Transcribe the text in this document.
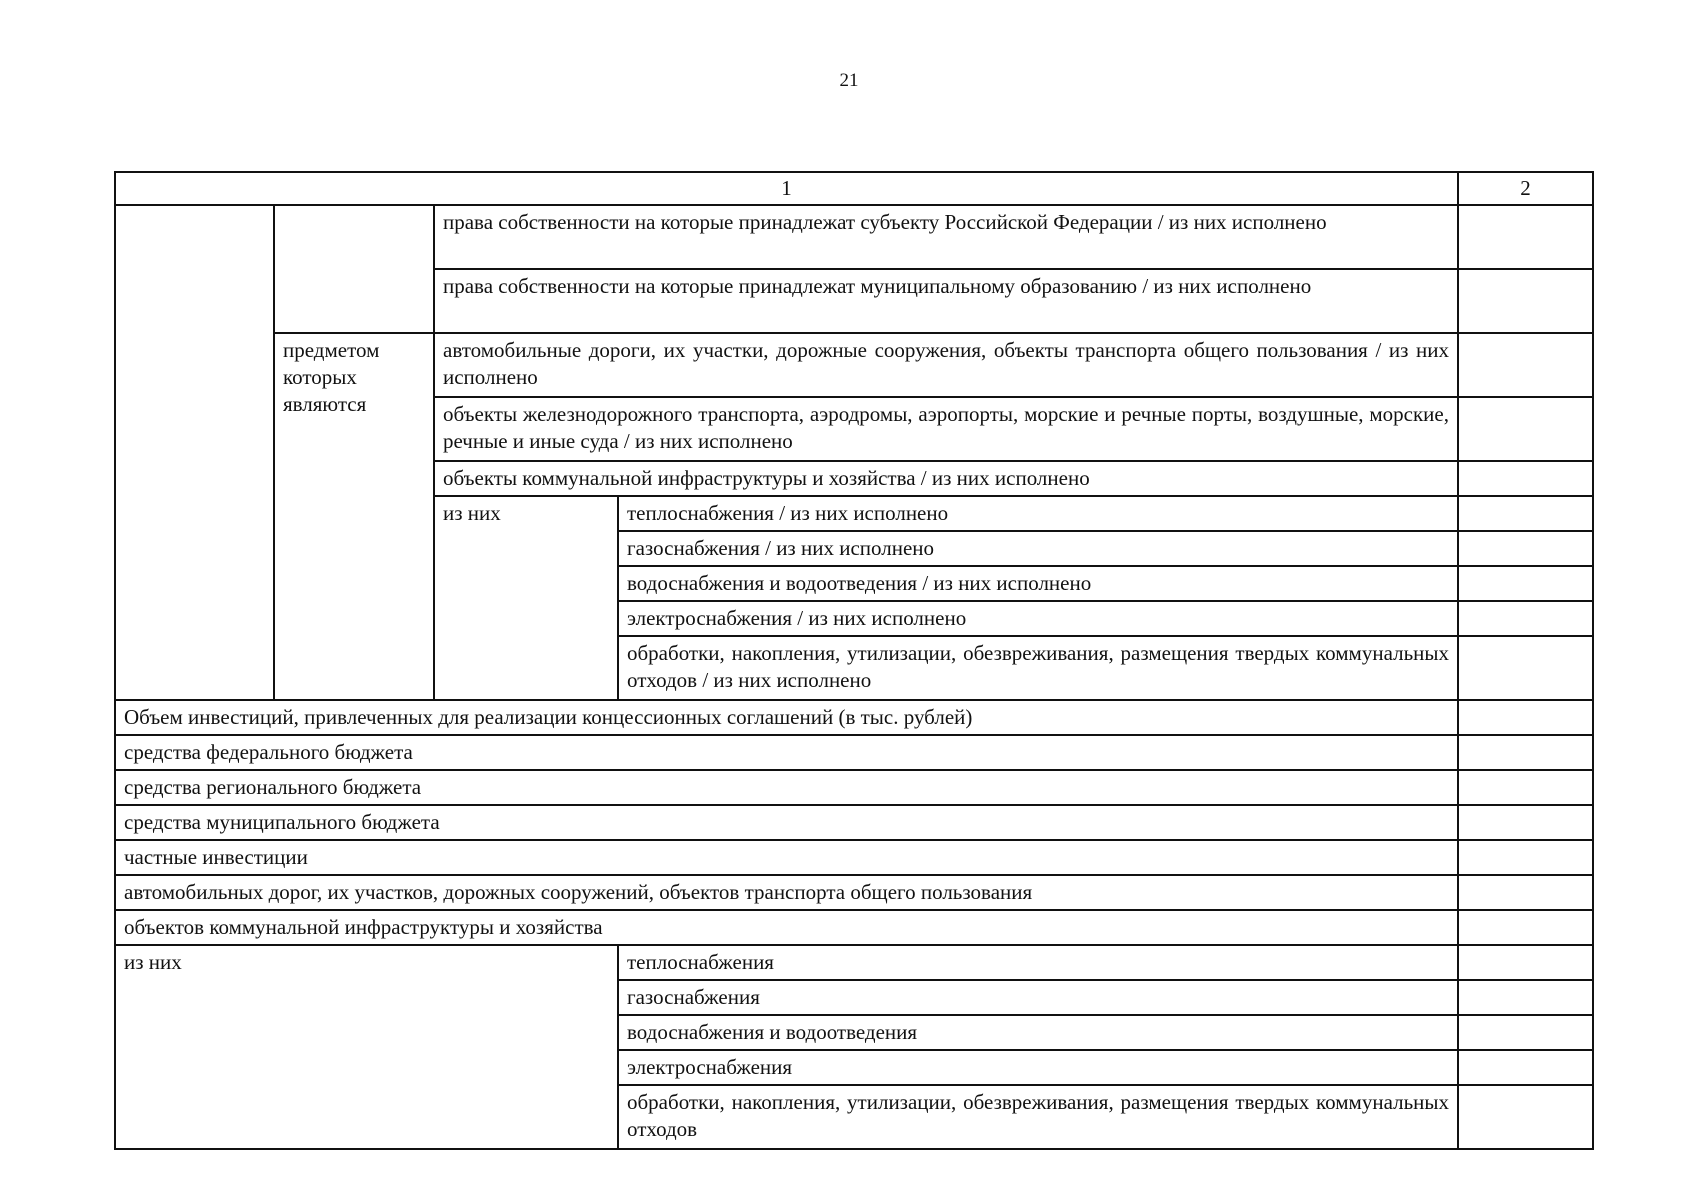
21
1				2
		права собственности на которые принадлежат субъекту Российской Федерации / из них исполнено		
		права собственности на которые принадлежат муниципальному образованию / из них исполнено		
	предметом которых являются	автомобильные дороги, их участки, дорожные сооружения, объекты транспорта общего пользования / из них исполнено		
		объекты железнодорожного транспорта, аэродромы, аэропорты, морские и речные порты, воздушные, морские, речные и иные суда / из них исполнено		
		объекты коммунальной инфраструктуры и хозяйства / из них исполнено		
		из них	теплоснабжения / из них исполнено	
			газоснабжения / из них исполнено	
			водоснабжения и водоотведения / из них исполнено	
			электроснабжения / из них исполнено	
			обработки, накопления, утилизации, обезвреживания, размещения твердых коммунальных отходов / из них исполнено	
Объем инвестиций, привлеченных для реализации концессионных соглашений (в тыс. рублей)				
средства федерального бюджета				
средства регионального бюджета				
средства муниципального бюджета				
частные инвестиции				
автомобильных дорог, их участков, дорожных сооружений, объектов транспорта общего пользования				
объектов коммунальной инфраструктуры и хозяйства				
из них			теплоснабжения	
			газоснабжения	
			водоснабжения и водоотведения	
			электроснабжения	
			обработки, накопления, утилизации, обезвреживания, размещения твердых коммунальных отходов	
